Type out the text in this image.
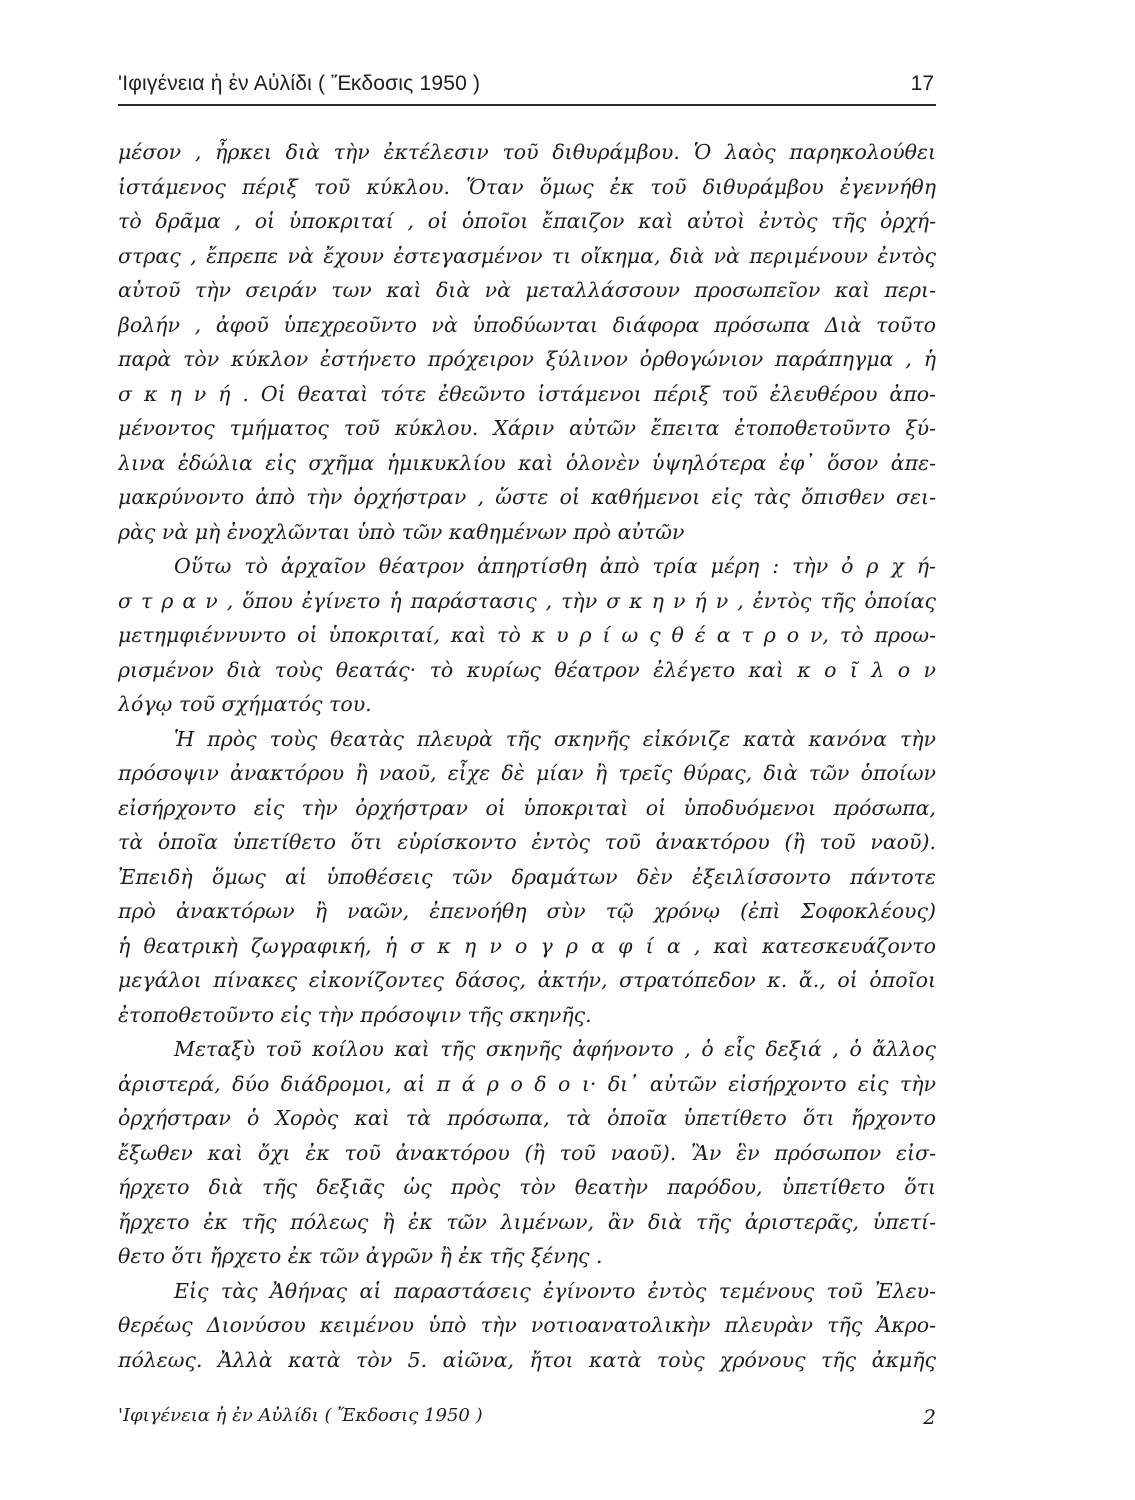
'Ιφιγένεια ἡ ἐν Αὐλίδι ( Ἔκδοσις 1950 )	17
μέσον , ἦρκει διὰ τὴν ἐκτέλεσιν τοῦ διθυράμβου. Ὁ λαὸς παρηκολούθει
ἱστάμενος πέριξ τοῦ κύκλου. Ὅταν ὅμως ἐκ τοῦ διθυράμβου ἐγεννήθη
τὸ δρᾶμα , οἱ ὑποκριταί , οἱ ὁποῖοι ἔπαιζον καὶ αὐτοὶ ἐντὸς τῆς ὀρχή-
στρας , ἔπρεπε νὰ ἔχουν ἐστεγασμένον τι οἴκημα, διὰ νὰ περιμένουν ἐντὸς
αὐτοῦ τὴν σειράν των καὶ διὰ νὰ μεταλλάσσουν προσωπεῖον καὶ περι-
βολήν , ἀφοῦ ὑπεχρεοῦντο νὰ ὑποδύωνται διάφορα πρόσωπα Διὰ τοῦτο
παρὰ τὸν κύκλον ἐστήνετο πρόχειρον ξύλινον ὀρθογώνιον παράπηγμα , ἡ
σ κ η ν ή . Οἱ θεαταὶ τότε ἐθεῶντο ἱστάμενοι πέριξ τοῦ ἐλευθέρου ἀπο-
μένοντος τμήματος τοῦ κύκλου. Χάριν αὐτῶν ἔπειτα ἐτοποθετοῦντο ξύ-
λινα ἑδώλια εἰς σχῆμα ἡμικυκλίου καὶ ὁλονὲν ὑψηλότερα ἐφ᾽ ὅσον ἀπε-
μακρύνοντο ἀπὸ τὴν ὀρχήστραν , ὥστε οἱ καθήμενοι εἰς τὰς ὄπισθεν σει-
ρὰς νὰ μὴ ἐνοχλῶνται ὑπὸ τῶν καθημένων πρὸ αὐτῶν
Οὕτω τὸ ἀρχαῖον θέατρον ἀπηρτίσθη ἀπὸ τρία μέρη : τὴν ὀ ρ χ ή-
σ τ ρ α ν , ὅπου ἐγίνετο ἡ παράστασις , τὴν σ κ η ν ή ν , ἐντὸς τῆς ὁποίας
μετημφιέννυντο οἱ ὑποκριταί, καὶ τὸ κ υ ρ ί ω ς θ έ α τ ρ ο ν, τὸ προω-
ρισμένον διὰ τοὺς θεατάς· τὸ κυρίως θέατρον ἐλέγετο καὶ κ ο ῖ λ ο ν
λόγῳ τοῦ σχήματός του.
Ἡ πρὸς τοὺς θεατὰς πλευρὰ τῆς σκηνῆς εἰκόνιζε κατὰ κανόνα τὴν
πρόσοψιν ἀνακτόρου ἢ ναοῦ, εἶχε δὲ μίαν ἢ τρεῖς θύρας, διὰ τῶν ὁποίων
εἰσήρχοντο εἰς τὴν ὀρχήστραν οἱ ὑποκριταὶ οἱ ὑποδυόμενοι πρόσωπα,
τὰ ὁποῖα ὑπετίθετο ὅτι εὑρίσκοντο ἐντὸς τοῦ ἀνακτόρου (ἢ τοῦ ναοῦ).
Ἐπειδὴ ὅμως αἱ ὑποθέσεις τῶν δραμάτων δὲν ἐξειλίσσοντο πάντοτε
πρὸ ἀνακτόρων ἢ ναῶν, ἐπενοήθη σὺν τῷ χρόνῳ (ἐπὶ Σοφοκλέους)
ἡ θεατρικὴ ζωγραφική, ἡ σ κ η ν ο γ ρ α φ ί α , καὶ κατεσκευάζοντο
μεγάλοι πίνακες εἰκονίζοντες δάσος, ἀκτήν, στρατόπεδον κ. ἄ., οἱ ὁποῖοι
ἐτοποθετοῦντο εἰς τὴν πρόσοψιν τῆς σκηνῆς.
Μεταξὺ τοῦ κοίλου καὶ τῆς σκηνῆς ἀφήνοντο , ὁ εἷς δεξιά , ὁ ἄλλος
ἀριστερά, δύο διάδρομοι, αἱ π ά ρ ο δ ο ι· δι᾽ αὐτῶν εἰσήρχοντο εἰς τὴν
ὀρχήστραν ὁ Χορὸς καὶ τὰ πρόσωπα, τὰ ὁποῖα ὑπετίθετο ὅτι ἤρχοντο
ἔξωθεν καὶ ὄχι ἐκ τοῦ ἀνακτόρου (ἢ τοῦ ναοῦ). Ἂν ἓν πρόσωπον εἰσ-
ήρχετο διὰ τῆς δεξιᾶς ὡς πρὸς τὸν θεατὴν παρόδου, ὑπετίθετο ὅτι
ἤρχετο ἐκ τῆς πόλεως ἢ ἐκ τῶν λιμένων, ἂν διὰ τῆς ἀριστερᾶς, ὑπετί-
θετο ὅτι ἤρχετο ἐκ τῶν ἀγρῶν ἢ ἐκ τῆς ξένης .
Εἰς τὰς Ἀθήνας αἱ παραστάσεις ἐγίνοντο ἐντὸς τεμένους τοῦ Ἐλευ-
θερέως Διονύσου κειμένου ὑπὸ τὴν νοτιοανατολικὴν πλευρὰν τῆς Ἀκρο-
πόλεως. Ἀλλὰ κατὰ τὸν 5. αἰῶνα, ἤτοι κατὰ τοὺς χρόνους τῆς ἀκμῆς
'Ιφιγένεια ἡ ἐν Αὐλίδι ( Ἔκδοσις 1950 )	2
